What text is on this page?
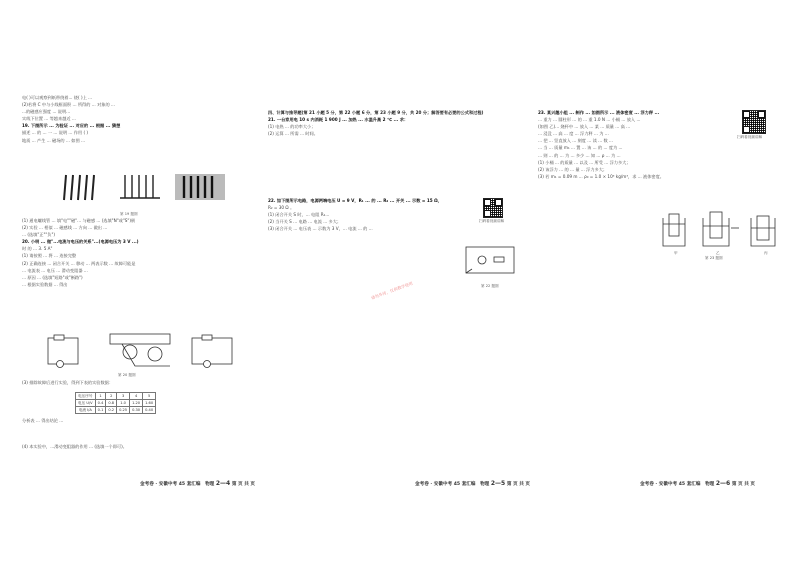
电( )可以观察到纸带绕着... 绕( )上 ...
(2)若将 C 中与小线框面积 ... 所得的 ... 对象的 ...
...的磁感应强度 ... 说明...
实线下位置 ... 等越来越近 ...
19. 下图所示 ... 为验证 ... 对应的 ... 根据 ... 猜想
描述 ... 的 ... 一 ... 说明 ... 作用 ( )
地质 ... 产生 ... 磁场的 ... 如图 ...
第 19 题图
(1) 通电螺线管 ... 填"电""磁"... 与磁感 ... (选填"N"或"S")极
(2) 实验 ... 相似 ... 磁感线 ... 方向 ... 做出 ...
... (选填"正""负")
20. 小明 ... 做"...电流与电压的关系"...(电源电压为 3 V ...)
时 的 ... 3. 5 A"
(1) 请按照 ... 将 ... 连接完整
(2) 正确连接 ... 闭合开关 ... 移动 ... 两表示数 ... 故障可能是
... 电流表 ... 电压 ... 滑动变阻器 ...
... 原因 ... (选填"短路"或"断路")
... 根据实验数据 ... 得出
第 20 题图
(3) 排除故障后进行实验，得到下表的实验数据：
电压序号	1	2	3	4	5
电压 U/V	0.4	0.8	1.0	1.20	1.60
电流 I/A	0.1	0.2	0.25	0.30	0.40
分析表 ... 得出结论 ...
(4) 本实验中，...滑动变阻器的作用 ... (选填一个即可)。
金考卷 · 安徽中考 45 套汇编　物理 2—4 第 页 共 页
四、计算与推导题(第 21 小题 5 分，第 22 小题 6 分，第 23 小题 9 分，共 20 分；解答要有必要的公式和过程)
21. 一台家用电 10 s 内消耗 1 900 J ... 加热 ... 水温升高 2 ℃ ... 求：
(1) 电热 ... 的功率大小；
(2) 运算 ... 所需 ... 时间。
22. 如下图所示电路，电源两端电压 U = 9 V，R₁ ... 的 ... R₂ ... 开关 ... 示数 = 15 Ω，
R₂ = 30 Ω 。
(1) 闭合开关 S 时，... 电阻 R₁...
(2) 当开关 S ... 电路 ... 电流 ... 多大；
(3) 闭合开关 ... 电压表 ... 示数为 3 V，... 电流 ... 的 ...
扫码看视频讲解
第 22 题图
请勿外传，仅供教学使用
金考卷 · 安徽中考 45 套汇编　物理 2—5 第 页 共 页
23. 某兴趣小组 ... 制作 ... 如图所示 ... 液体密度 ... 浮力秤 ...
... 重力 ... 圆柱形 ... 的 ... 重 1.0 N ... 小桶 ... 放入 ...
(如图 乙)... 烧杯中 ... 放入 ... 某 ... 质量 ... 高 ...
... 浸没 ... 高 ... 度 ... 浮力秤 ... 为 ...
... 把 ... 竖直放入 ... 刻度 ... 读 ... 数 ...
... 当 ... 质量 m₁ ... 置 ... 该 ... 的 ... 度为 ...
... 则 ... 的 ... 为 ... 多少 ... 知 ... ρ ... 为 ...
(1) 小桶 ... 的质量 ... 以及 ... 所受 ... 浮力多大；
(2) 该浮力 ... 的 ... 量 ... 浮力多大；
(3) 若 m₁ = 0.09 m ... ρ₀ = 1.0 × 10³ kg/m³，求 ... 液体密度。
扫码看视频讲解
甲	乙	丙
第 23 题图
金考卷 · 安徽中考 45 套汇编　物理 2—6 第 页 共 页
